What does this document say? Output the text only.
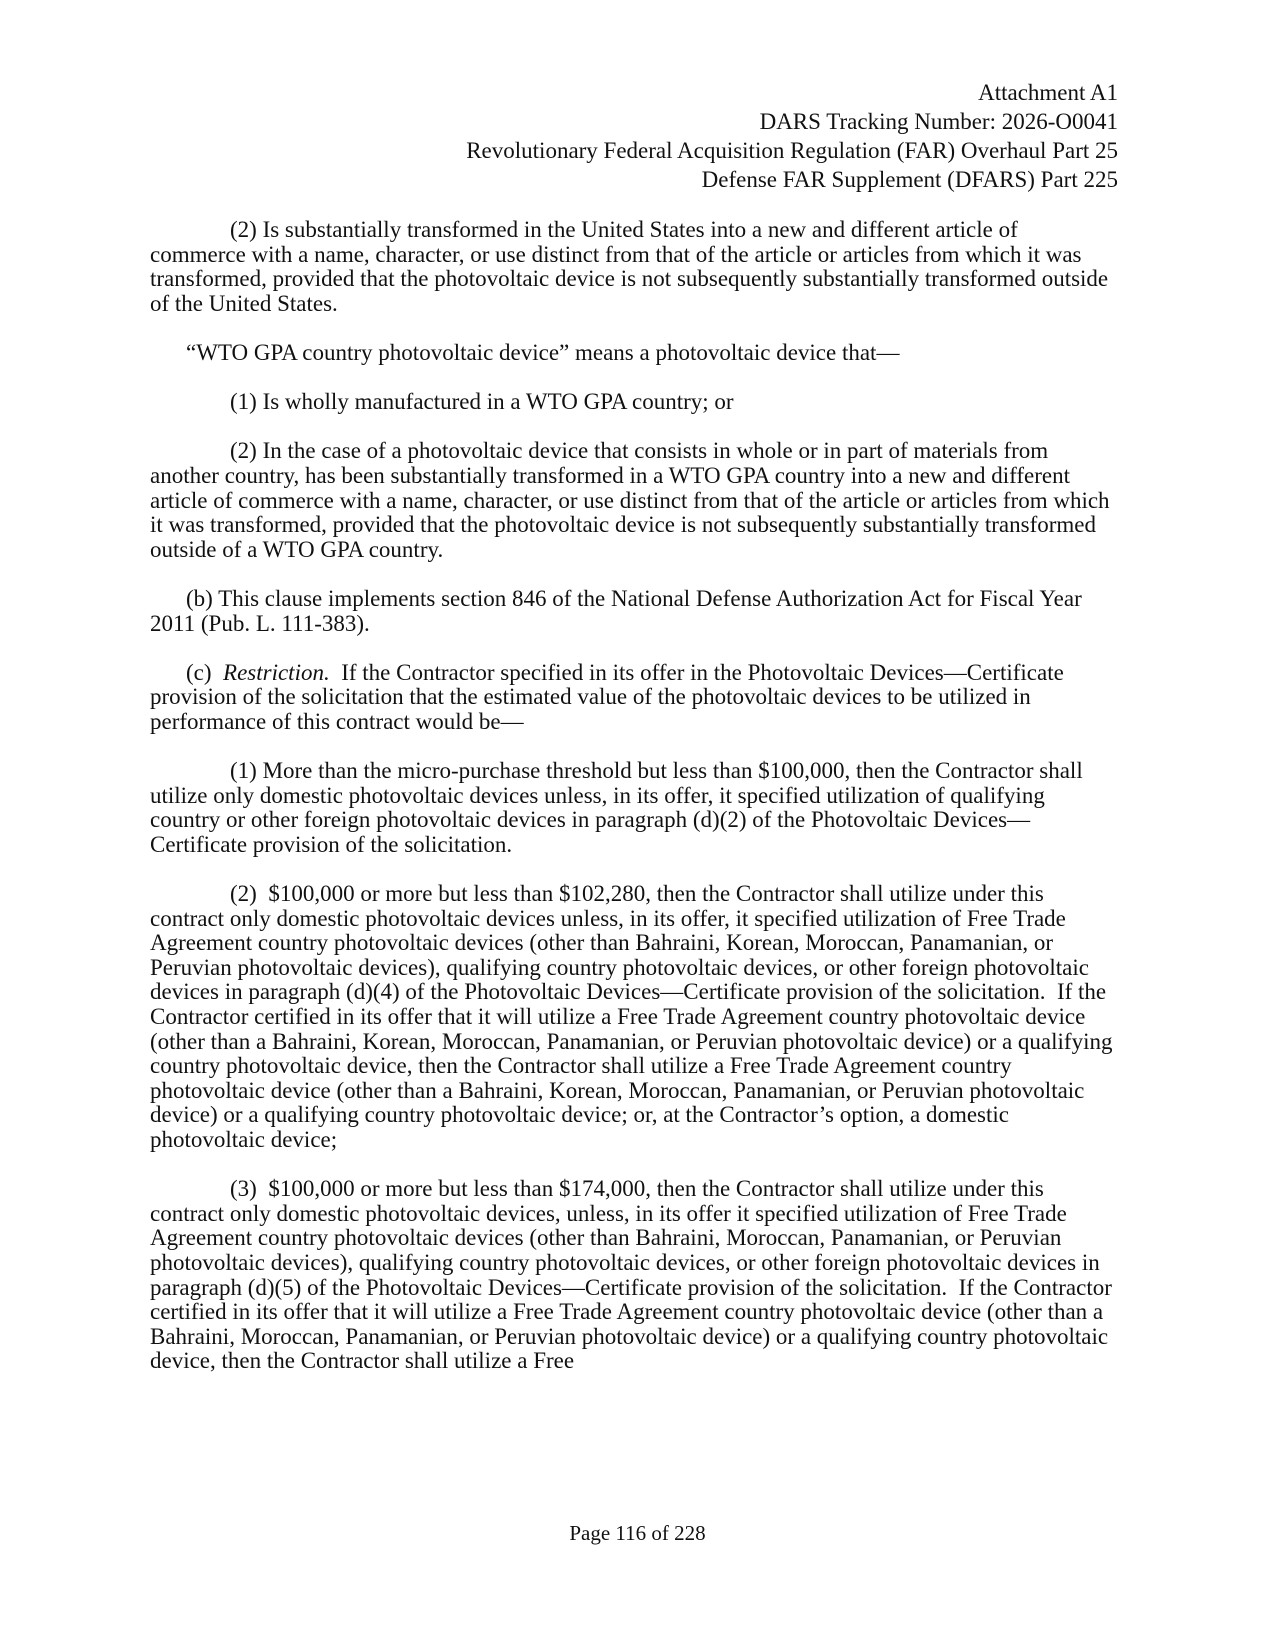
Attachment A1
DARS Tracking Number: 2026-O0041
Revolutionary Federal Acquisition Regulation (FAR) Overhaul Part 25
Defense FAR Supplement (DFARS) Part 225

(2) Is substantially transformed in the United States into a new and different article of commerce with a name, character, or use distinct from that of the article or articles from which it was transformed, provided that the photovoltaic device is not subsequently substantially transformed outside of the United States.

“WTO GPA country photovoltaic device” means a photovoltaic device that—

(1) Is wholly manufactured in a WTO GPA country; or

(2) In the case of a photovoltaic device that consists in whole or in part of materials from another country, has been substantially transformed in a WTO GPA country into a new and different article of commerce with a name, character, or use distinct from that of the article or articles from which it was transformed, provided that the photovoltaic device is not subsequently substantially transformed outside of a WTO GPA country.

(b) This clause implements section 846 of the National Defense Authorization Act for Fiscal Year 2011 (Pub. L. 111-383).

(c)  Restriction.  If the Contractor specified in its offer in the Photovoltaic Devices—Certificate provision of the solicitation that the estimated value of the photovoltaic devices to be utilized in performance of this contract would be—

(1) More than the micro-purchase threshold but less than $100,000, then the Contractor shall utilize only domestic photovoltaic devices unless, in its offer, it specified utilization of qualifying country or other foreign photovoltaic devices in paragraph (d)(2) of the Photovoltaic Devices—Certificate provision of the solicitation.

(2)  $100,000 or more but less than $102,280, then the Contractor shall utilize under this contract only domestic photovoltaic devices unless, in its offer, it specified utilization of Free Trade Agreement country photovoltaic devices (other than Bahraini, Korean, Moroccan, Panamanian, or Peruvian photovoltaic devices), qualifying country photovoltaic devices, or other foreign photovoltaic devices in paragraph (d)(4) of the Photovoltaic Devices—Certificate provision of the solicitation.  If the Contractor certified in its offer that it will utilize a Free Trade Agreement country photovoltaic device (other than a Bahraini, Korean, Moroccan, Panamanian, or Peruvian photovoltaic device) or a qualifying country photovoltaic device, then the Contractor shall utilize a Free Trade Agreement country photovoltaic device (other than a Bahraini, Korean, Moroccan, Panamanian, or Peruvian photovoltaic device) or a qualifying country photovoltaic device; or, at the Contractor’s option, a domestic photovoltaic device;

(3)  $100,000 or more but less than $174,000, then the Contractor shall utilize under this contract only domestic photovoltaic devices, unless, in its offer it specified utilization of Free Trade Agreement country photovoltaic devices (other than Bahraini, Moroccan, Panamanian, or Peruvian photovoltaic devices), qualifying country photovoltaic devices, or other foreign photovoltaic devices in paragraph (d)(5) of the Photovoltaic Devices—Certificate provision of the solicitation.  If the Contractor certified in its offer that it will utilize a Free Trade Agreement country photovoltaic device (other than a Bahraini, Moroccan, Panamanian, or Peruvian photovoltaic device) or a qualifying country photovoltaic device, then the Contractor shall utilize a Free

Page 116 of 228
